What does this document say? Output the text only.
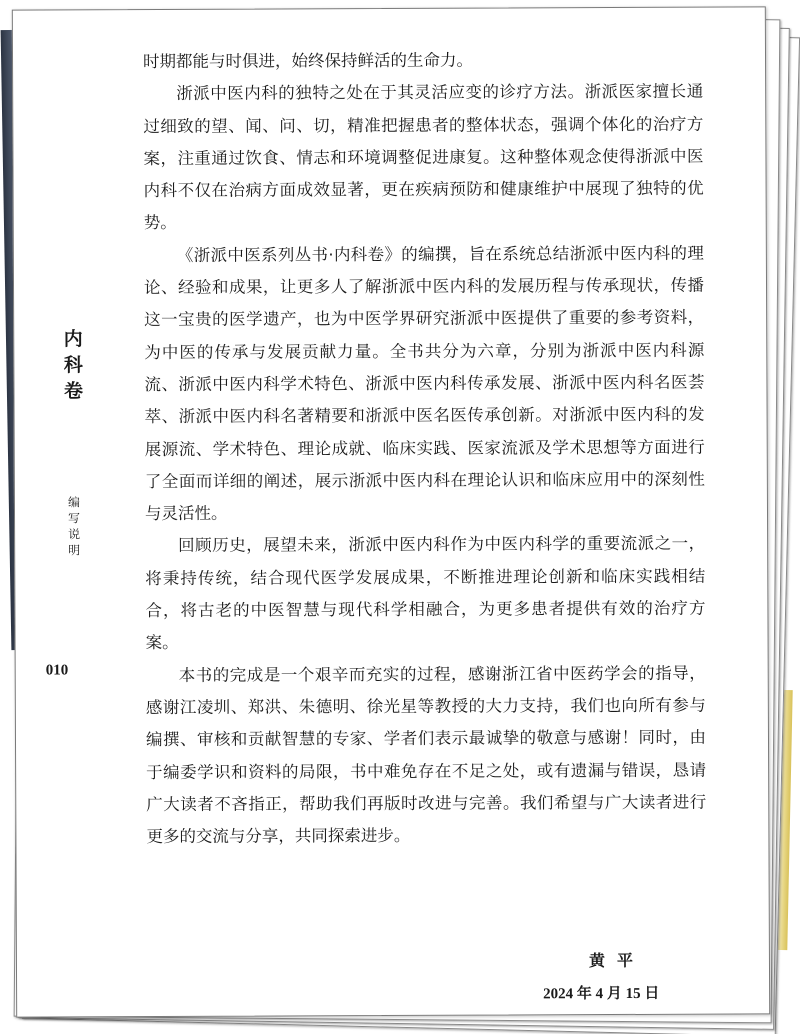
内
科
卷
编
写
说
明
010

时期都能与时俱进，始终保持鲜活的生命力。

浙派中医内科的独特之处在于其灵活应变的诊疗方法。浙派医家擅长通过细致的望、闻、问、切，精准把握患者的整体状态，强调个体化的治疗方案，注重通过饮食、情志和环境调整促进康复。这种整体观念使得浙派中医内科不仅在治病方面成效显著，更在疾病预防和健康维护中展现了独特的优势。

《浙派中医系列丛书·内科卷》的编撰，旨在系统总结浙派中医内科的理论、经验和成果，让更多人了解浙派中医内科的发展历程与传承现状，传播这一宝贵的医学遗产，也为中医学界研究浙派中医提供了重要的参考资料，为中医的传承与发展贡献力量。全书共分为六章，分别为浙派中医内科源流、浙派中医内科学术特色、浙派中医内科传承发展、浙派中医内科名医荟萃、浙派中医内科名著精要和浙派中医名医传承创新。对浙派中医内科的发展源流、学术特色、理论成就、临床实践、医家流派及学术思想等方面进行了全面而详细的阐述，展示浙派中医内科在理论认识和临床应用中的深刻性与灵活性。

回顾历史，展望未来，浙派中医内科作为中医内科学的重要流派之一，将秉持传统，结合现代医学发展成果，不断推进理论创新和临床实践相结合，将古老的中医智慧与现代科学相融合，为更多患者提供有效的治疗方案。

本书的完成是一个艰辛而充实的过程，感谢浙江省中医药学会的指导，感谢江凌圳、郑洪、朱德明、徐光星等教授的大力支持，我们也向所有参与编撰、审核和贡献智慧的专家、学者们表示最诚挚的敬意与感谢！同时，由于编委学识和资料的局限，书中难免存在不足之处，或有遗漏与错误，恳请广大读者不吝指正，帮助我们再版时改进与完善。我们希望与广大读者进行更多的交流与分享，共同探索进步。

黄平
2024 年 4 月 15 日
